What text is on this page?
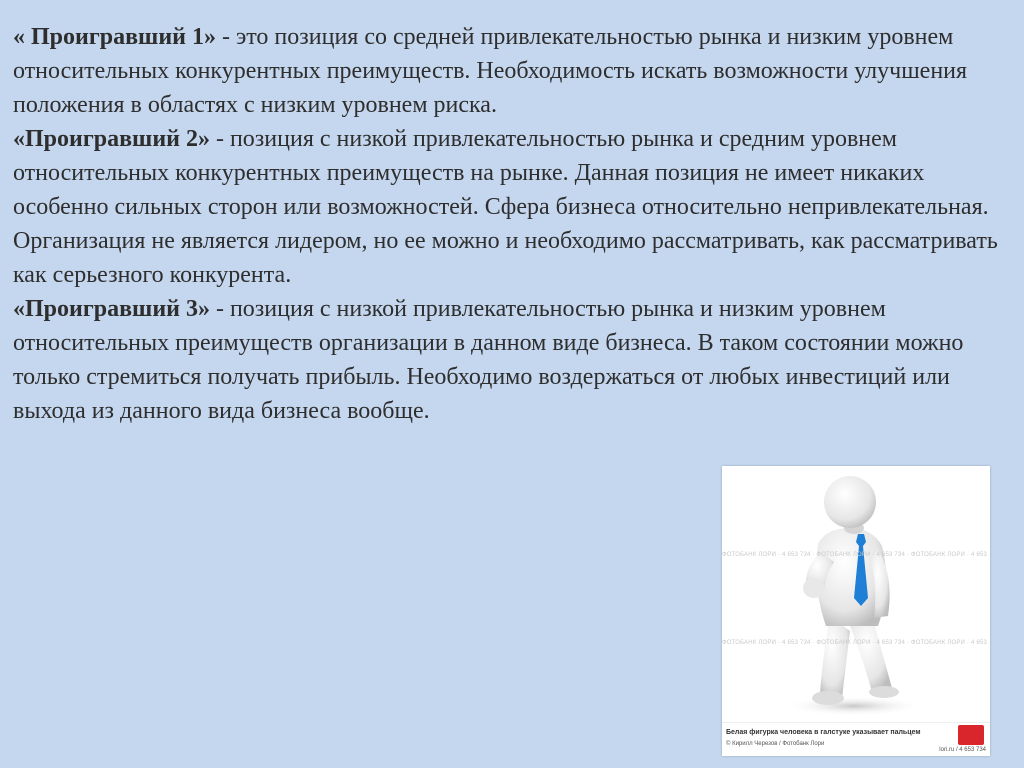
« Проигравший 1» - это позиция со средней привлекательностью рынка и низким уровнем относительных конкурентных преимуществ. Необходимость искать возможности улучшения положения в областях с низким уровнем риска.

«Проигравший 2» - позиция с низкой привлекательностью рынка и средним уровнем относительных конкурентных преимуществ на рынке. Данная позиция не имеет никаких особенно сильных сторон или возможностей. Сфера бизнеса относительно непривлекательная. Организация не является лидером, но ее можно и необходимо рассматривать, как рассматривать как серьезного конкурента.

«Проигравший 3» - позиция с низкой привлекательностью рынка и низким уровнем относительных преимуществ организации в данном виде бизнеса. В таком состоянии можно только стремиться получать прибыль. Необходимо воздержаться от любых инвестиций или выхода из данного вида бизнеса вообще.

ФОТОБАНК ЛОРИ · 4 653 734 · ФОТОБАНК ЛОРИ · 4 653 734 · ФОТОБАНК ЛОРИ · 4 653
ФОТОБАНК ЛОРИ · 4 653 734 · ФОТОБАНК ЛОРИ · 4 653 734 · ФОТОБАНК ЛОРИ · 4 653
Белая фигурка человека в галстуке указывает пальцем
© Кирилл Черезов / Фотобанк Лори
lori.ru / 4 653 734
